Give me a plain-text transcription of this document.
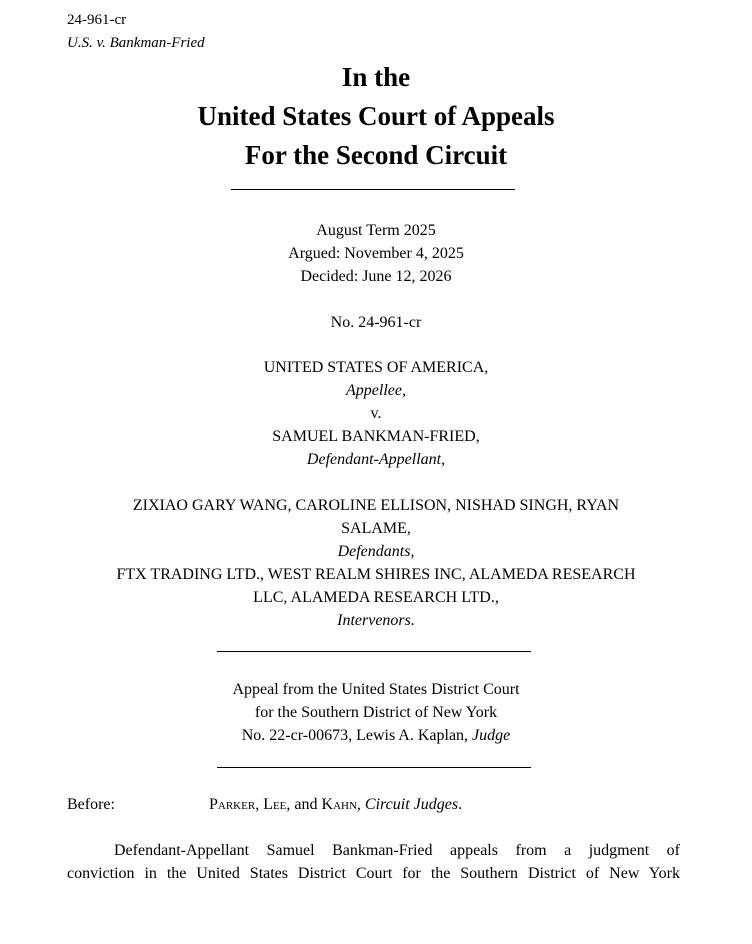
24-961-cr
U.S. v. Bankman-Fried
In the
United States Court of Appeals
For the Second Circuit
August Term 2025
Argued: November 4, 2025
Decided: June 12, 2026
No. 24-961-cr
UNITED STATES OF AMERICA,
Appellee,
v.
SAMUEL BANKMAN-FRIED,
Defendant-Appellant,
ZIXIAO GARY WANG, CAROLINE ELLISON, NISHAD SINGH, RYAN
SALAME,
Defendants,
FTX TRADING LTD., WEST REALM SHIRES INC, ALAMEDA RESEARCH
LLC, ALAMEDA RESEARCH LTD.,
Intervenors.
Appeal from the United States District Court
for the Southern District of New York
No. 22-cr-00673, Lewis A. Kaplan, Judge
Before:	Parker, Lee, and Kahn, Circuit Judges.
Defendant-Appellant Samuel Bankman-Fried appeals from a judgment of
conviction in the United States District Court for the Southern District of New York
